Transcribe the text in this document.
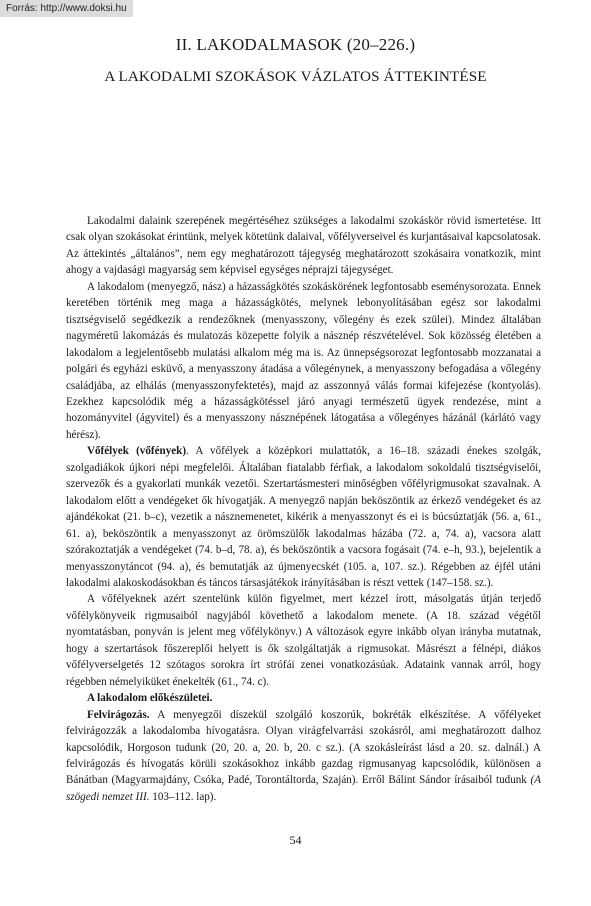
Forrás: http://www.doksi.hu
II. LAKODALMASOK (20–226.)
A LAKODALMI SZOKÁSOK VÁZLATOS ÁTTEKINTÉSE

Lakodalmi dalaink szerepének megértéséhez szükséges a lakodalmi szokáskör rövid ismertetése. Itt csak olyan szokásokat érintünk, melyek kötetünk dalaival, vőfélyverseivel és kurjantásaival kapcsolatosak. Az áttekintés „általános”, nem egy meghatározott tájegység meghatározott szokásaira vonatkozik, mint ahogy a vajdasági magyarság sem képvisel egységes néprajzi tájegységet.

A lakodalom (menyegző, nász) a házasságkötés szokáskörének legfontosabb eseménysorozata. Ennek keretében történik meg maga a házasságkötés, melynek lebonyolításában egész sor lakodalmi tisztségviselő segédkezik a rendezőknek (menyasszony, vőlegény és ezek szülei). Mindez általában nagyméretű lakomázás és mulatozás közepette folyik a násznép részvételével. Sok közösség életében a lakodalom a legjelentősebb mulatási alkalom még ma is. Az ünnepségsorozat legfontosabb mozzanatai a polgári és egyházi esküvő, a menyasszony átadása a vőlegénynek, a menyasszony befogadása a vőlegény családjába, az elhálás (menyasszonyfektetés), majd az asszonnyá válás formai kifejezése (kontyolás). Ezekhez kapcsolódik még a házasságkötéssel járó anyagi természetű ügyek rendezése, mint a hozományvitel (ágyvitel) és a menyasszony násznépének látogatása a vőlegényes házánál (kárlátó vagy hérész).

Vőfélyek (vőfények). A vőfélyek a középkori mulattatók, a 16–18. századi énekes szolgák, szolgadiákok újkori népi megfelelői. Általában fiatalabb férfiak, a lakodalom sokoldalú tisztségviselői, szervezők és a gyakorlati munkák vezetői. Szertartásmesteri minőségben vőfélyrigmusokat szavalnak. A lakodalom előtt a vendégeket ők hívogatják. A menyegző napján beköszöntik az érkező vendégeket és az ajándékokat (21. b–c), vezetik a násznemenetet, kikérik a menyasszonyt és ei is búcsúztatják (56. a, 61., 61. a), beköszöntik a menyasszonyt az örömszülők lakodalmas házába (72. a, 74. a), vacsora alatt szórakoztatják a vendégeket (74. b–d, 78. a), és beköszöntik a vacsora fogásait (74. e–h, 93.), bejelentik a menyasszonytáncot (94. a), és bemutatják az újmenyecskét (105. a, 107. sz.). Régebben az éjfél utáni lakodalmi alakoskodásokban és táncos társasjátékok irányításában is részt vettek (147–158. sz.).

A vőfélyeknek azért szentelünk külön figyelmet, mert kézzel írott, másolgatás útján terjedő vőfélykönyveik rigmusaiból nagyjából követhető a lakodalom menete. (A 18. század végétől nyomtatásban, ponyván is jelent meg vőfélykönyv.) A változások egyre inkább olyan irányba mutatnak, hogy a szertartások főszereplői helyett is ők szolgáltatják a rigmusokat. Másrészt a félnépi, diákos vőfélyverselgetés 12 szótagos sorokra írt strófái zenei vonatkozásúak. Adataink vannak arról, hogy régebben némelyiküket énekelték (61., 74. c).

A lakodalom előkészületei.

Felvirágozás. A menyegzői díszekül szolgáló koszorúk, bokréták elkészítése. A vőfélyeket felvirágozzák a lakodalomba hívogatásra. Olyan virágfelvarrási szokásról, ami meghatározott dalhoz kapcsolódik, Horgoson tudunk (20, 20. a, 20. b, 20. c sz.). (A szokásleírást lásd a 20. sz. dalnál.) A felvirágozás és hívogatás körüli szokásokhoz inkább gazdag rigmusanyag kapcsolódik, különösen a Bánátban (Magyarmajdány, Csóka, Padé, Torontáltorda, Szaján). Erről Bálint Sándor írásaiból tudunk (A szögedi nemzet III. 103–112. lap).

54
